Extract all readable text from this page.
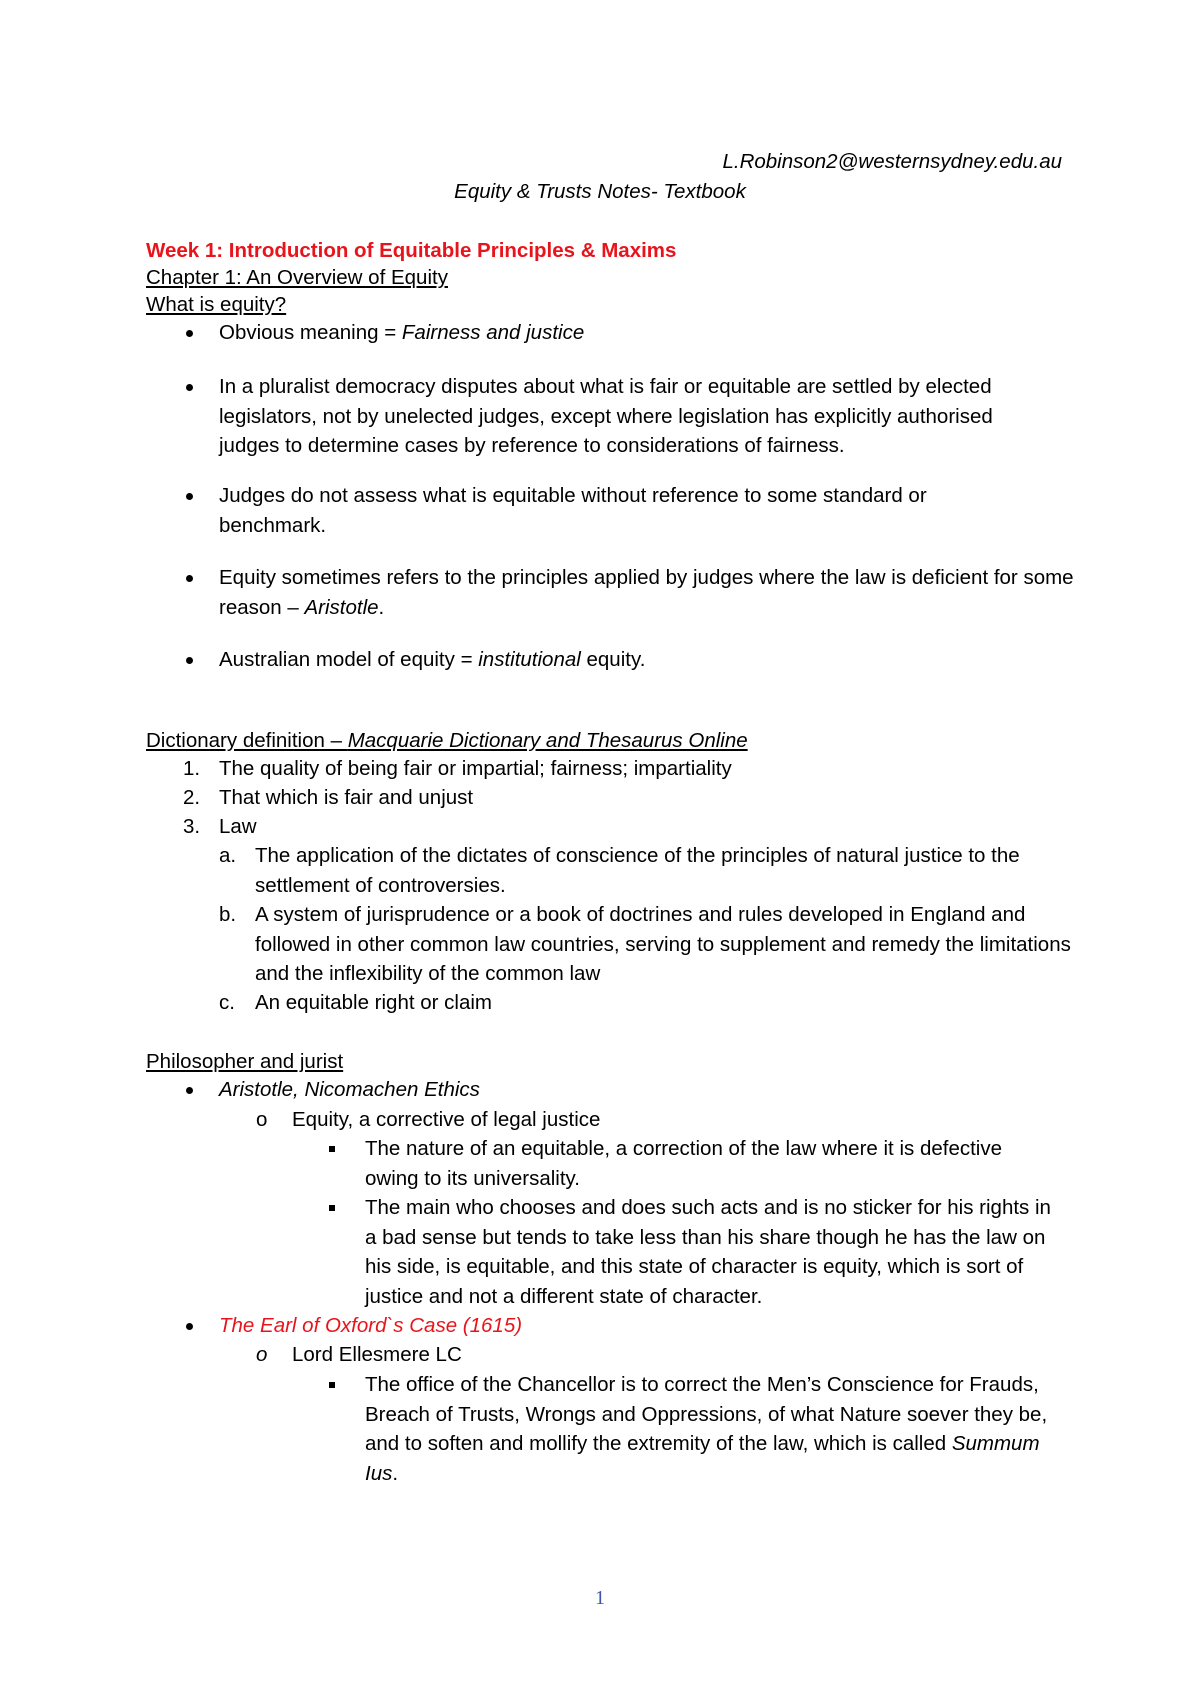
L.Robinson2@westernsydney.edu.au
Equity & Trusts Notes- Textbook
Week 1: Introduction of Equitable Principles & Maxims
Chapter 1: An Overview of Equity
What is equity?
Obvious meaning = Fairness and justice
In a pluralist democracy disputes about what is fair or equitable are settled by elected legislators, not by unelected judges, except where legislation has explicitly authorised judges to determine cases by reference to considerations of fairness.
Judges do not assess what is equitable without reference to some standard or benchmark.
Equity sometimes refers to the principles applied by judges where the law is deficient for some reason – Aristotle.
Australian model of equity = institutional equity.
Dictionary definition – Macquarie Dictionary and Thesaurus Online
1. The quality of being fair or impartial; fairness; impartiality
2. That which is fair and unjust
3. Law
a. The application of the dictates of conscience of the principles of natural justice to the settlement of controversies.
b. A system of jurisprudence or a book of doctrines and rules developed in England and followed in other common law countries, serving to supplement and remedy the limitations and the inflexibility of the common law
c. An equitable right or claim
Philosopher and jurist
Aristotle, Nicomachen Ethics
o Equity, a corrective of legal justice
The nature of an equitable, a correction of the law where it is defective owing to its universality.
The main who chooses and does such acts and is no sticker for his rights in a bad sense but tends to take less than his share though he has the law on his side, is equitable, and this state of character is equity, which is sort of justice and not a different state of character.
The Earl of Oxford`s Case (1615)
o Lord Ellesmere LC
The office of the Chancellor is to correct the Men’s Conscience for Frauds, Breach of Trusts, Wrongs and Oppressions, of what Nature soever they be, and to soften and mollify the extremity of the law, which is called Summum Ius.
1
